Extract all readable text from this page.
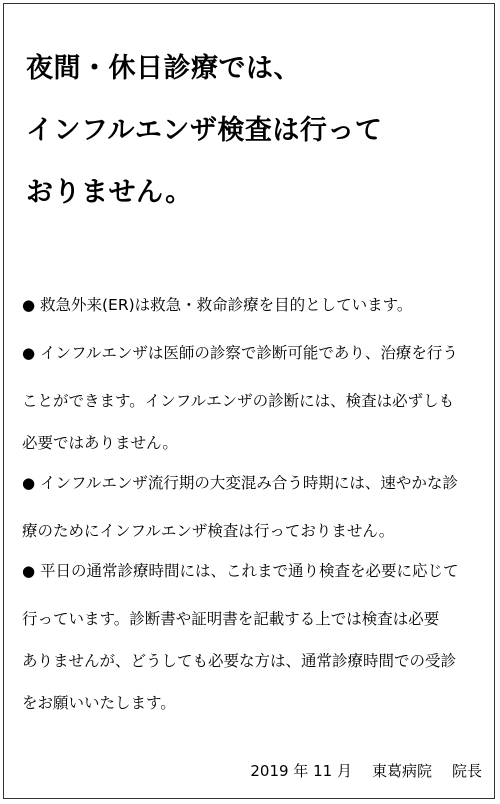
夜間・休日診療では、
インフルエンザ検査は行って
おりません。
● 救急外来(ER)は救急・救命診療を目的としています。
● インフルエンザは医師の診察で診断可能であり、治療を行う
ことができます。インフルエンザの診断には、検査は必ずしも
必要ではありません。
● インフルエンザ流行期の大変混み合う時期には、速やかな診
療のためにインフルエンザ検査は行っておりません。
● 平日の通常診療時間には、これまで通り検査を必要に応じて
行っています。診断書や証明書を記載する上では検査は必要
ありませんが、どうしても必要な方は、通常診療時間での受診
をお願いいたします。
2019 年 11 月 東葛病院 院長
